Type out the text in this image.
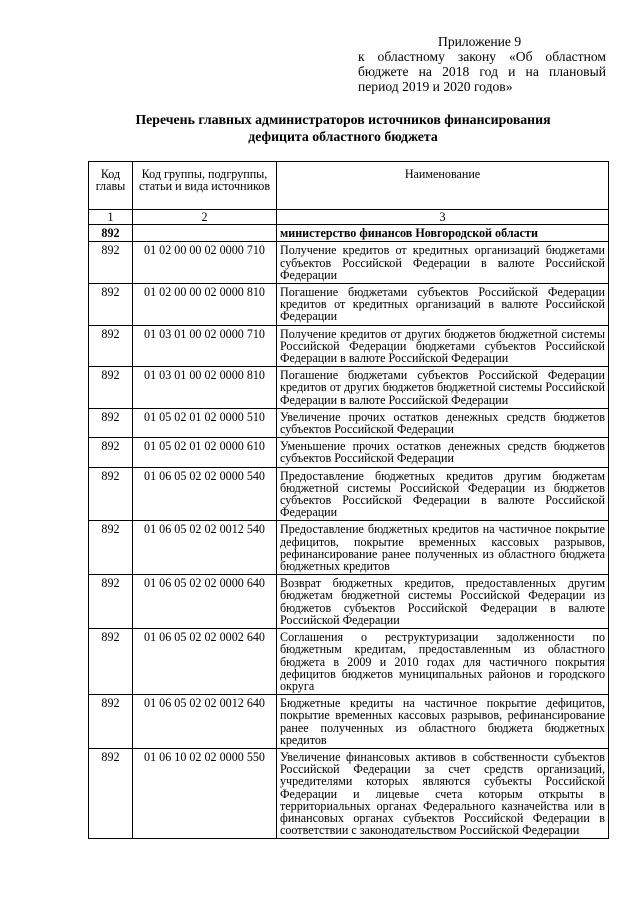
Приложение 9
к областному закону «Об областном бюджете на 2018 год и на плановый период 2019 и 2020 годов»
Перечень главных администраторов источников финансирования
дефицита областного бюджета
Код главы	Код группы, подгруппы, статьи и вида источников	Наименование
1	2	3
892		министерство финансов Новгородской области
892	01 02 00 00 02 0000 710	Получение кредитов от кредитных организаций бюджетами субъектов Российской Федерации в валюте Российской Федерации
892	01 02 00 00 02 0000 810	Погашение бюджетами субъектов Российской Федерации кредитов от кредитных организаций в валюте Российской Федерации
892	01 03 01 00 02 0000 710	Получение кредитов от других бюджетов бюджетной системы Российской Федерации бюджетами субъектов Российской Федерации в валюте Российской Федерации
892	01 03 01 00 02 0000 810	Погашение бюджетами субъектов Российской Федерации кредитов от других бюджетов бюджетной системы Российской Федерации в валюте Российской Федерации
892	01 05 02 01 02 0000 510	Увеличение прочих остатков денежных средств бюджетов субъектов Российской Федерации
892	01 05 02 01 02 0000 610	Уменьшение прочих остатков денежных средств бюджетов субъектов Российской Федерации
892	01 06 05 02 02 0000 540	Предоставление бюджетных кредитов другим бюджетам бюджетной системы Российской Федерации из бюджетов субъектов Российской Федерации в валюте Российской Федерации
892	01 06 05 02 02 0012 540	Предоставление бюджетных кредитов на частичное покрытие дефицитов, покрытие временных кассовых разрывов, рефинансирование ранее полученных из областного бюджета бюджетных кредитов
892	01 06 05 02 02 0000 640	Возврат бюджетных кредитов, предоставленных другим бюджетам бюджетной системы Российской Федерации из бюджетов субъектов Российской Федерации в валюте Российской Федерации
892	01 06 05 02 02 0002 640	Соглашения о реструктуризации задолженности по бюджетным кредитам, предоставленным из областного бюджета в 2009 и 2010 годах для частичного покрытия дефицитов бюджетов муниципальных районов и городского округа
892	01 06 05 02 02 0012 640	Бюджетные кредиты на частичное покрытие дефицитов, покрытие временных кассовых разрывов, рефинансирование ранее полученных из областного бюджета бюджетных кредитов
892	01 06 10 02 02 0000 550	Увеличение финансовых активов в собственности субъектов Российской Федерации за счет средств организаций, учредителями которых являются субъекты Российской Федерации и лицевые счета которым открыты в территориальных органах Федерального казначейства или в финансовых органах субъектов Российской Федерации в соответствии с законодательством Российской Федерации
